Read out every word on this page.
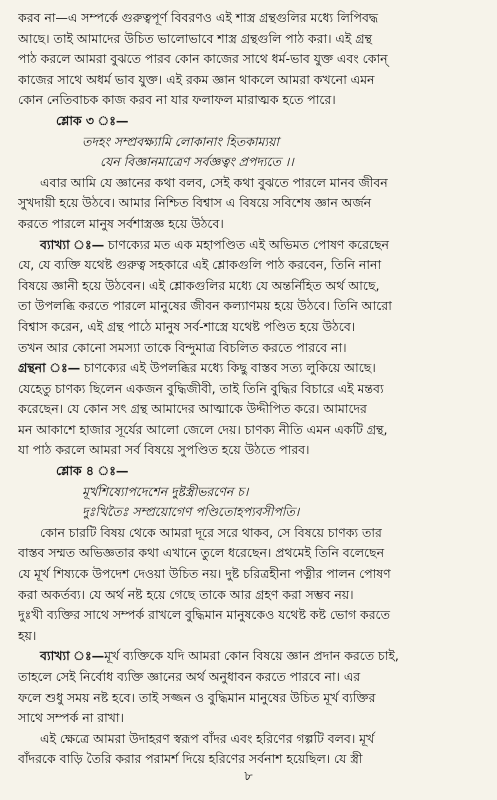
করব না—এ সম্পর্কে গুরুত্বপূর্ণ বিবরণও এই শাস্ত্র গ্রন্থগুলির মধ্যে লিপিবদ্ধ
আছে। তাই আমাদের উচিত ভালোভাবে শাস্ত্র গ্রন্থগুলি পাঠ করা। এই গ্রন্থ
পাঠ করলে আমরা বুঝতে পারব কোন কাজের সাথে ধর্ম-ভাব যুক্ত এবং কোন্
কাজের সাথে অধর্ম ভাব যুক্ত। এই রকম জ্ঞান থাকলে আমরা কখনো এমন
কোন নেতিবাচক কাজ করব না যার ফলাফল মারাত্মক হতে পারে।

শ্লোক ৩ ঃ—
তদহং সম্প্রবক্ষ্যামি লোকানাং হিতকাম্যয়া
যেন বিজ্ঞানমাত্রেণ সর্বজ্ঞত্বং প্রপদ্যতে ।।

এবার আমি যে জ্ঞানের কথা বলব, সেই কথা বুঝতে পারলে মানব জীবন
সুখদায়ী হয়ে উঠবে। আমার নিশ্চিত বিশ্বাস এ বিষয়ে সবিশেষ জ্ঞান অর্জন
করতে পারলে মানুষ সর্বশাস্ত্রজ্ঞ হয়ে উঠবে।

ব্যাখ্যা ঃ— চাণক্যের মত এক মহাপণ্ডিত এই অভিমত পোষণ করেছেন
যে, যে ব্যক্তি যথেষ্ট গুরুত্ব সহকারে এই শ্লোকগুলি পাঠ করবেন, তিনি নানা
বিষয়ে জ্ঞানী হয়ে উঠবেন। এই শ্লোকগুলির মধ্যে যে অন্তর্নিহিত অর্থ আছে,
তা উপলব্ধি করতে পারলে মানুষের জীবন কল্যাণময় হয়ে উঠবে। তিনি আরো
বিশ্বাস করেন, এই গ্রন্থ পাঠে মানুষ সর্ব-শাস্ত্রে যথেষ্ট পণ্ডিত হয়ে উঠবে।
তখন আর কোনো সমস্যা তাকে বিন্দুমাত্র বিচলিত করতে পারবে না।

গ্রন্থনা ঃ— চাণক্যের এই উপলব্ধির মধ্যে কিছু বাস্তব সত্য লুকিয়ে আছে।
যেহেতু চাণক্য ছিলেন একজন বুদ্ধিজীবী, তাই তিনি বুদ্ধির বিচারে এই মন্তব্য
করেছেন। যে কোন সৎ গ্রন্থ আমাদের আত্মাকে উদ্দীপিত করে। আমাদের
মন আকাশে হাজার সূর্যের আলো জেলে দেয়। চাণক্য নীতি এমন একটি গ্রন্থ,
যা পাঠ করলে আমরা সর্ব বিষয়ে সুপণ্ডিত হয়ে উঠতে পারব।

শ্লোক ৪ ঃ—
মূর্খশিষ্যোপদেশেন দুষ্টস্ত্রীভরণেন চ।
দুঃখিতৈঃ সম্প্রয়োগেণ পণ্ডিতোহপ্যবসীপতি।

কোন চারটি বিষয় থেকে আমরা দূরে সরে থাকব, সে বিষয়ে চাণক্য তার
বাস্তব সম্মত অভিজ্ঞতার কথা এখানে তুলে ধরেছেন। প্রথমেই তিনি বলেছেন
যে মূর্খ শিষ্যকে উপদেশ দেওয়া উচিত নয়। দুষ্ট চরিত্রহীনা পত্নীর পালন পোষণ
করা অকর্তব্য। যে অর্থ নষ্ট হয়ে গেছে তাকে আর গ্রহণ করা সম্ভব নয়।
দুঃখী ব্যক্তির সাথে সম্পর্ক রাখলে বুদ্ধিমান মানুষকেও যথেষ্ট কষ্ট ভোগ করতে
হয়।

ব্যাখ্যা ঃ—মূর্খ ব্যক্তিকে যদি আমরা কোন বিষয়ে জ্ঞান প্রদান করতে চাই,
তাহলে সেই নির্বোধ ব্যক্তি জ্ঞানের অর্থ অনুধাবন করতে পারবে না। এর
ফলে শুধু সময় নষ্ট হবে। তাই সজ্জন ও বুদ্ধিমান মানুষের উচিত মূর্খ ব্যক্তির
সাথে সম্পর্ক না রাখা।

এই ক্ষেত্রে আমরা উদাহরণ স্বরূপ বাঁদর এবং হরিণের গল্পটি বলব। মূর্খ
বাঁদরকে বাড়ি তৈরি করার পরামর্শ দিয়ে হরিণের সর্বনাশ হয়েছিল। যে স্ত্রী

৮
